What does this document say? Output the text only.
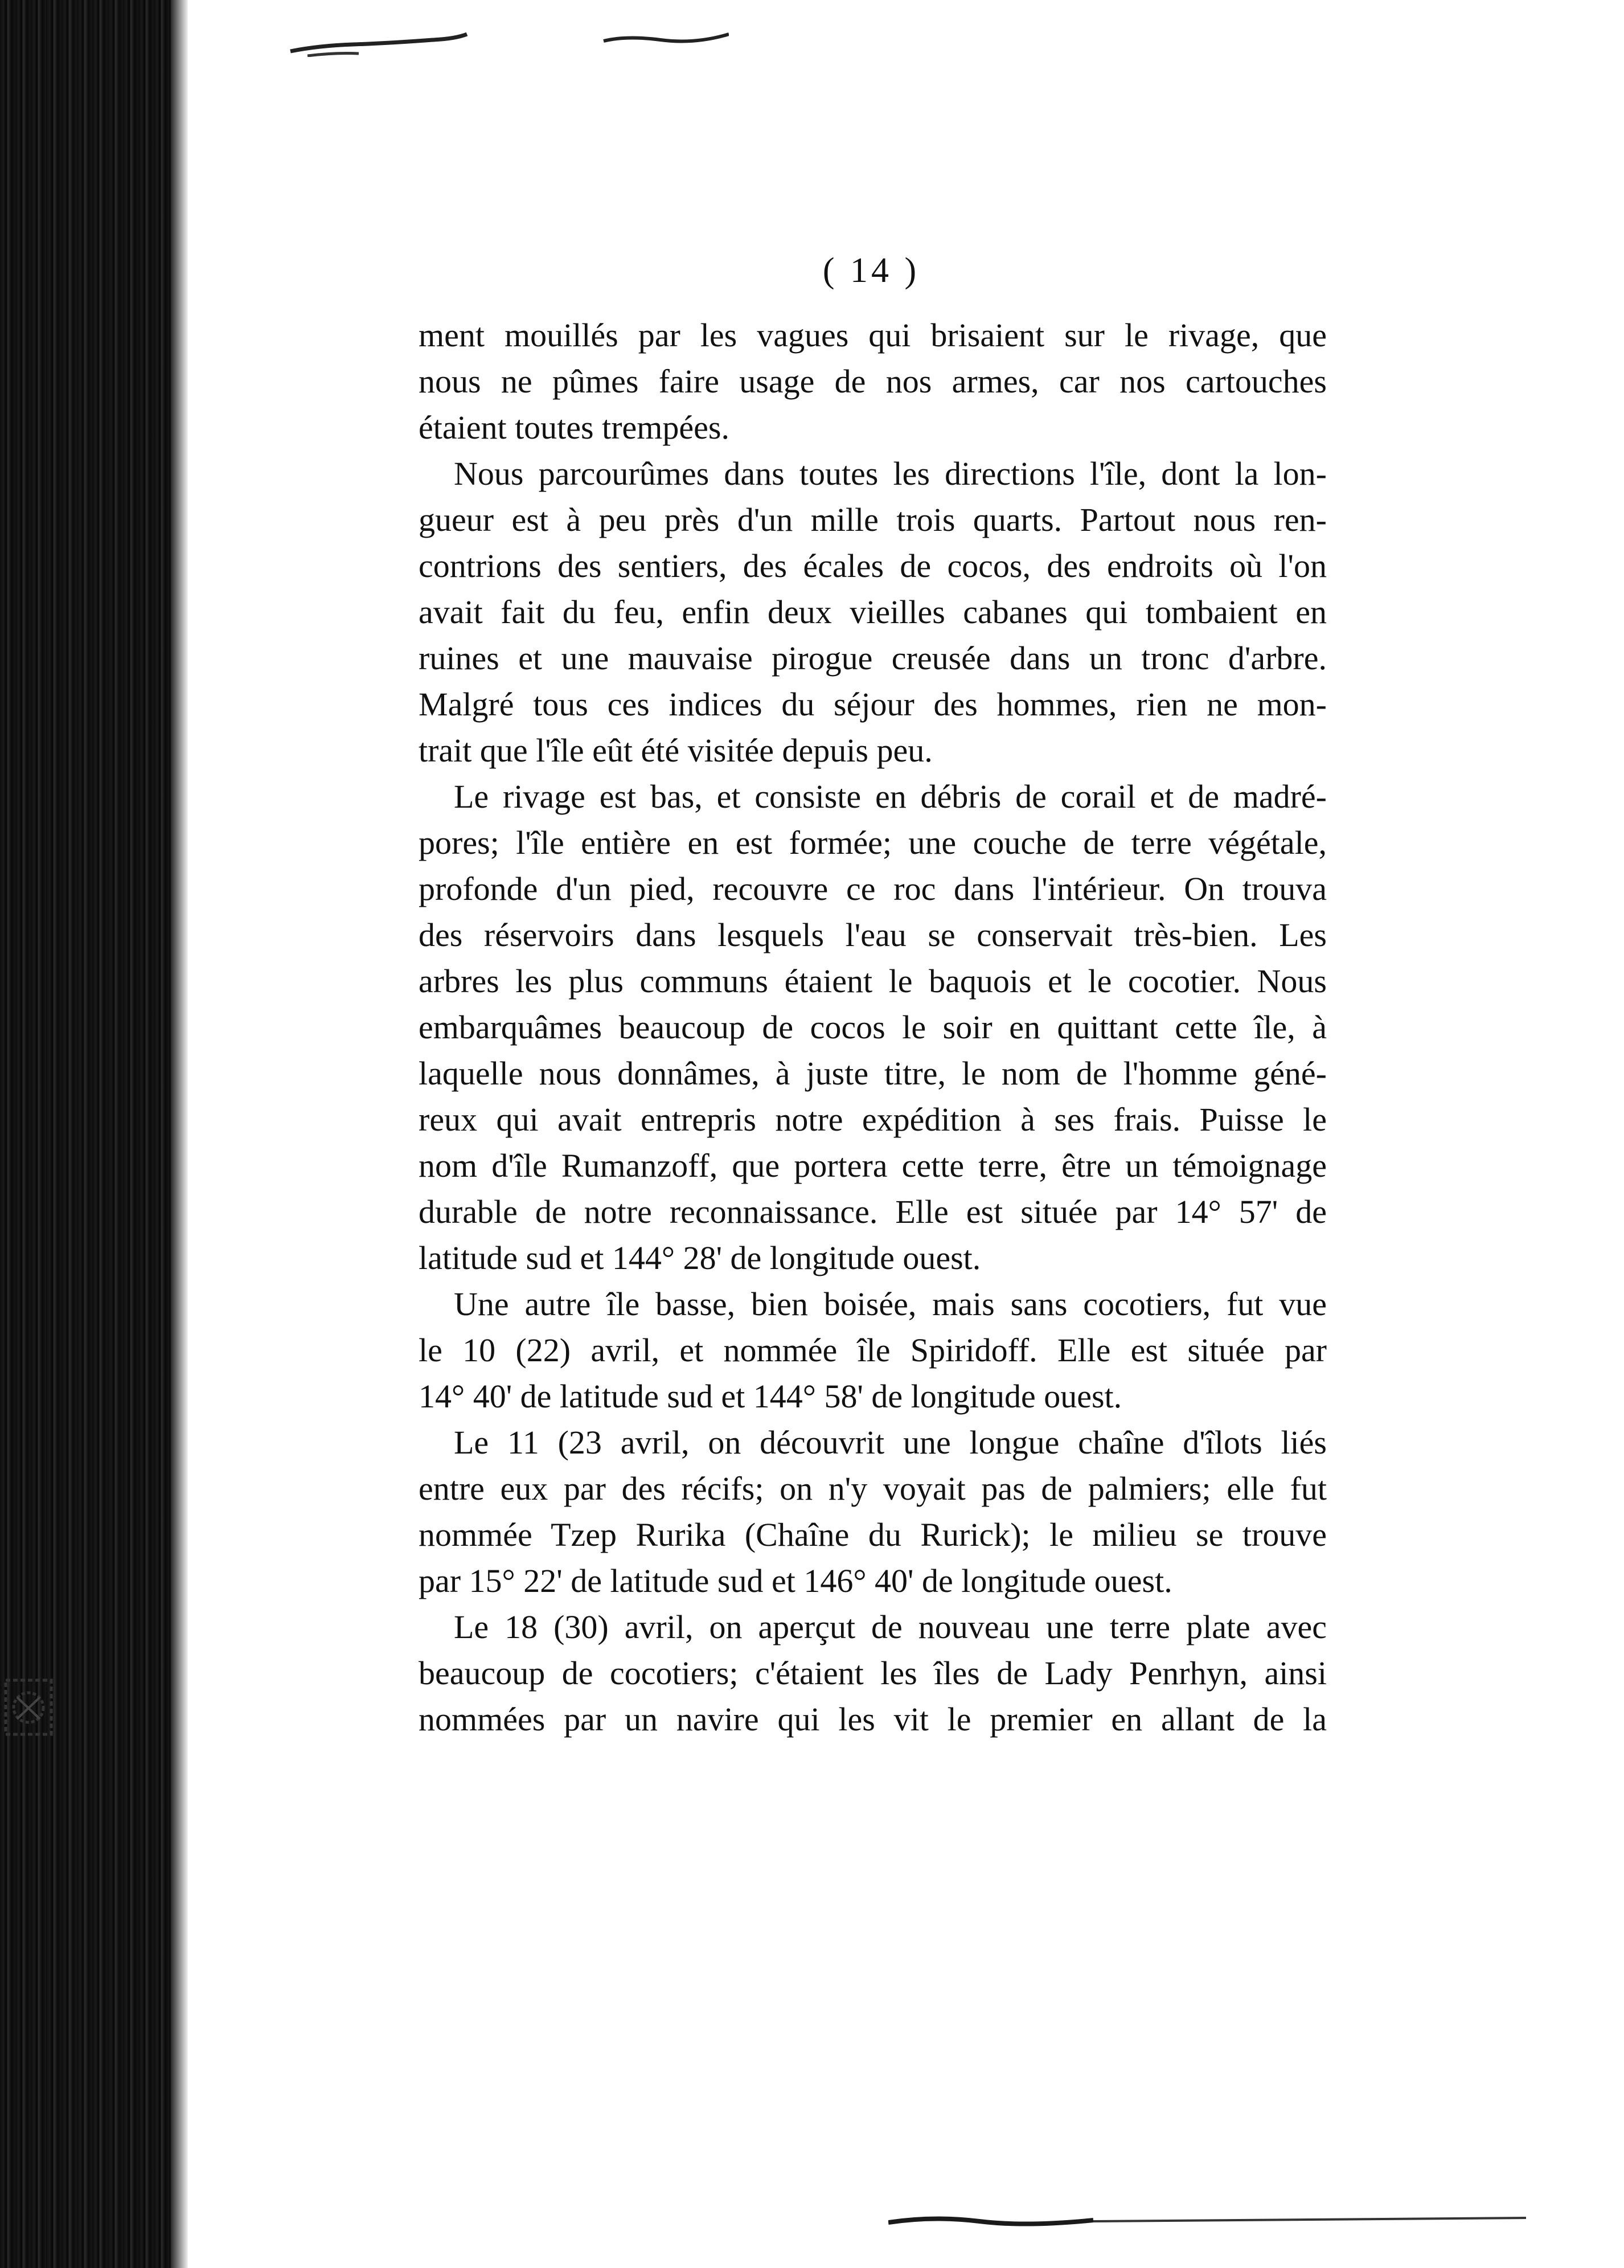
( 14 )
ment mouillés par les vagues qui brisaient sur le rivage, que
nous ne pûmes faire usage de nos armes, car nos cartouches
étaient toutes trempées.
Nous parcourûmes dans toutes les directions l'île, dont la lon-
gueur est à peu près d'un mille trois quarts. Partout nous ren-
contrions des sentiers, des écales de cocos, des endroits où l'on
avait fait du feu, enfin deux vieilles cabanes qui tombaient en
ruines et une mauvaise pirogue creusée dans un tronc d'arbre.
Malgré tous ces indices du séjour des hommes, rien ne mon-
trait que l'île eût été visitée depuis peu.
Le rivage est bas, et consiste en débris de corail et de madré-
pores; l'île entière en est formée; une couche de terre végétale,
profonde d'un pied, recouvre ce roc dans l'intérieur. On trouva
des réservoirs dans lesquels l'eau se conservait très-bien. Les
arbres les plus communs étaient le baquois et le cocotier. Nous
embarquâmes beaucoup de cocos le soir en quittant cette île, à
laquelle nous donnâmes, à juste titre, le nom de l'homme géné-
reux qui avait entrepris notre expédition à ses frais. Puisse le
nom d'île Rumanzoff, que portera cette terre, être un témoignage
durable de notre reconnaissance. Elle est située par 14° 57' de
latitude sud et 144° 28' de longitude ouest.
Une autre île basse, bien boisée, mais sans cocotiers, fut vue
le 10 (22) avril, et nommée île Spiridoff. Elle est située par
14° 40' de latitude sud et 144° 58' de longitude ouest.
Le 11 (23 avril, on découvrit une longue chaîne d'îlots liés
entre eux par des récifs; on n'y voyait pas de palmiers; elle fut
nommée Tzep Rurika (Chaîne du Rurick); le milieu se trouve
par 15° 22' de latitude sud et 146° 40' de longitude ouest.
Le 18 (30) avril, on aperçut de nouveau une terre plate avec
beaucoup de cocotiers; c'étaient les îles de Lady Penrhyn, ainsi
nommées par un navire qui les vit le premier en allant de la
